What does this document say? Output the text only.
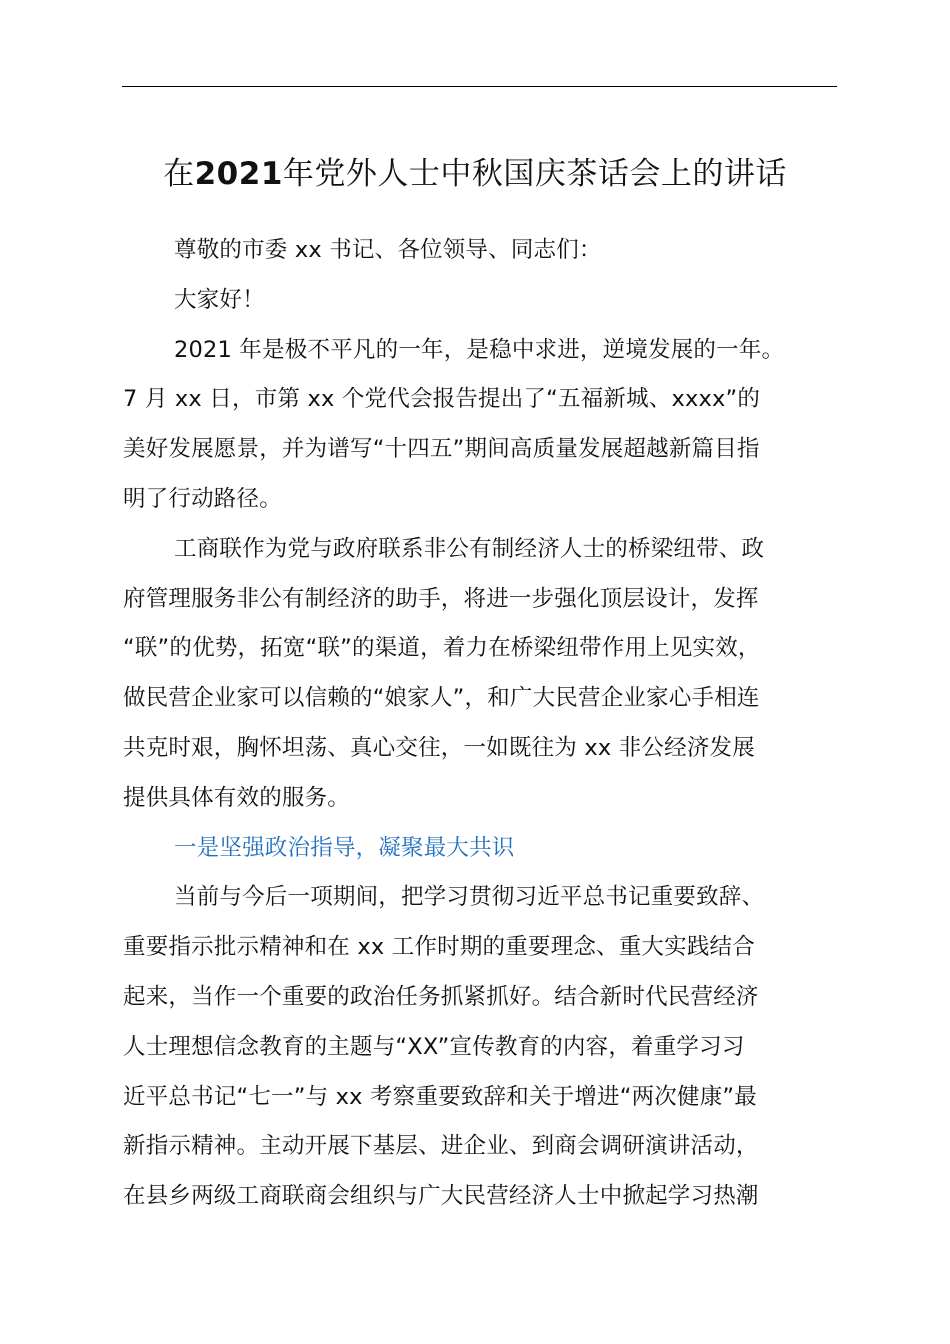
在2021年党外人士中秋国庆茶话会上的讲话
尊敬的市委 xx 书记、各位领导、同志们：
大家好！
2021 年是极不平凡的一年，是稳中求进，逆境发展的一年。
7 月 xx 日，市第 xx 个党代会报告提出了“五福新城、xxxx”的
美好发展愿景，并为谱写“十四五”期间高质量发展超越新篇目指
明了行动路径。
工商联作为党与政府联系非公有制经济人士的桥梁纽带、政
府管理服务非公有制经济的助手，将进一步强化顶层设计，发挥
“联”的优势，拓宽“联”的渠道，着力在桥梁纽带作用上见实效，
做民营企业家可以信赖的“娘家人”，和广大民营企业家心手相连
共克时艰，胸怀坦荡、真心交往，一如既往为 xx 非公经济发展
提供具体有效的服务。
一是坚强政治指导，凝聚最大共识
当前与今后一项期间，把学习贯彻习近平总书记重要致辞、
重要指示批示精神和在 xx 工作时期的重要理念、重大实践结合
起来，当作一个重要的政治任务抓紧抓好。结合新时代民营经济
人士理想信念教育的主题与“XX”宣传教育的内容，着重学习习
近平总书记“七一”与 xx 考察重要致辞和关于增进“两次健康”最
新指示精神。主动开展下基层、进企业、到商会调研演讲活动，
在县乡两级工商联商会组织与广大民营经济人士中掀起学习热潮
